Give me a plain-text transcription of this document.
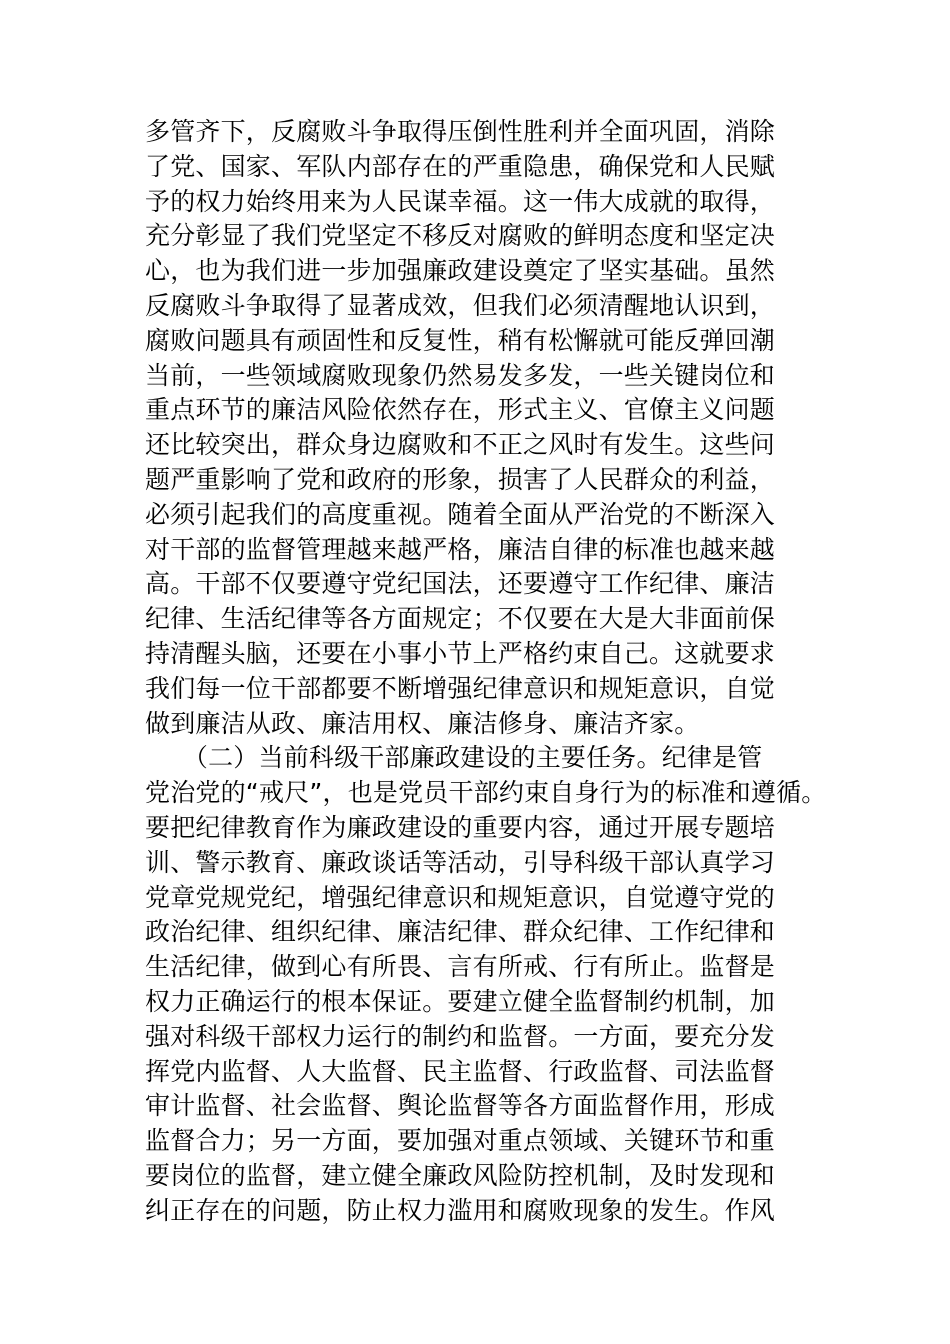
多管齐下，反腐败斗争取得压倒性胜利并全面巩固，消除
了党、国家、军队内部存在的严重隐患，确保党和人民赋
予的权力始终用来为人民谋幸福。这一伟大成就的取得，
充分彰显了我们党坚定不移反对腐败的鲜明态度和坚定决
心，也为我们进一步加强廉政建设奠定了坚实基础。虽然
反腐败斗争取得了显著成效，但我们必须清醒地认识到，
腐败问题具有顽固性和反复性，稍有松懈就可能反弹回潮
当前，一些领域腐败现象仍然易发多发，一些关键岗位和
重点环节的廉洁风险依然存在，形式主义、官僚主义问题
还比较突出，群众身边腐败和不正之风时有发生。这些问
题严重影响了党和政府的形象，损害了人民群众的利益，
必须引起我们的高度重视。随着全面从严治党的不断深入
对干部的监督管理越来越严格，廉洁自律的标准也越来越
高。干部不仅要遵守党纪国法，还要遵守工作纪律、廉洁
纪律、生活纪律等各方面规定；不仅要在大是大非面前保
持清醒头脑，还要在小事小节上严格约束自己。这就要求
我们每一位干部都要不断增强纪律意识和规矩意识，自觉
做到廉洁从政、廉洁用权、廉洁修身、廉洁齐家。
　　（二）当前科级干部廉政建设的主要任务。纪律是管
党治党的“戒尺”，也是党员干部约束自身行为的标准和遵循。
要把纪律教育作为廉政建设的重要内容，通过开展专题培
训、警示教育、廉政谈话等活动，引导科级干部认真学习
党章党规党纪，增强纪律意识和规矩意识，自觉遵守党的
政治纪律、组织纪律、廉洁纪律、群众纪律、工作纪律和
生活纪律，做到心有所畏、言有所戒、行有所止。监督是
权力正确运行的根本保证。要建立健全监督制约机制，加
强对科级干部权力运行的制约和监督。一方面，要充分发
挥党内监督、人大监督、民主监督、行政监督、司法监督
审计监督、社会监督、舆论监督等各方面监督作用，形成
监督合力；另一方面，要加强对重点领域、关键环节和重
要岗位的监督，建立健全廉政风险防控机制，及时发现和
纠正存在的问题，防止权力滥用和腐败现象的发生。作风
